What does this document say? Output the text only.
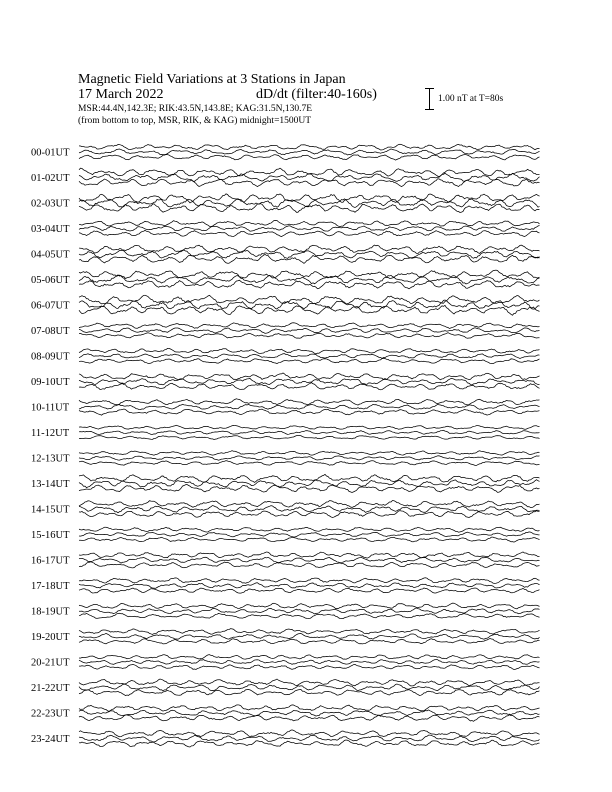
Magnetic Field Variations at 3 Stations in Japan
17 March 2022	dD/dt (filter:40-160s)
MSR:44.4N,142.3E; RIK:43.5N,143.8E; KAG:31.5N,130.7E
(from bottom to top, MSR, RIK, & KAG) midnight=1500UT
1.00 nT at T=80s
00-01UT
01-02UT
02-03UT
03-04UT
04-05UT
05-06UT
06-07UT
07-08UT
08-09UT
09-10UT
10-11UT
11-12UT
12-13UT
13-14UT
14-15UT
15-16UT
16-17UT
17-18UT
18-19UT
19-20UT
20-21UT
21-22UT
22-23UT
23-24UT
